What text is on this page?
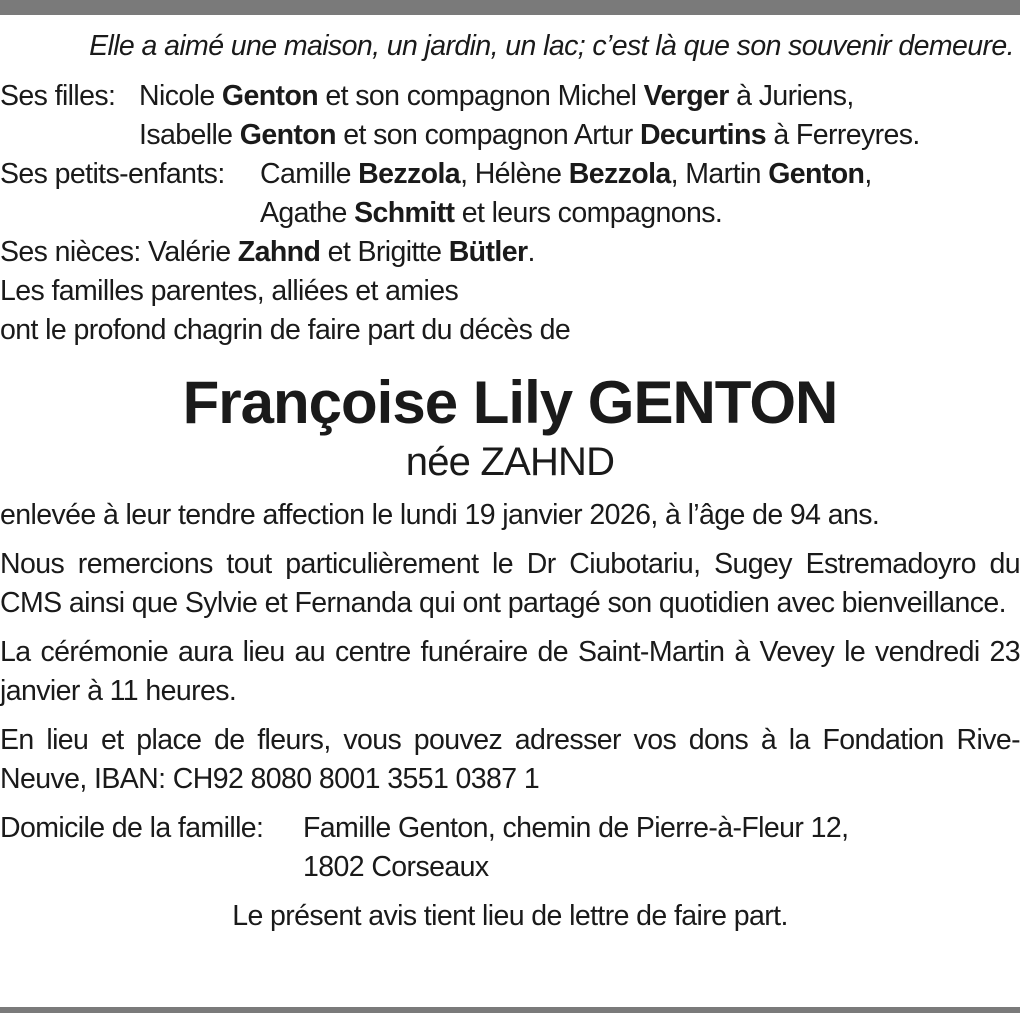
Elle a aimé une maison, un jardin, un lac; c’est là que son souvenir demeure.
Ses filles: Nicole Genton et son compagnon Michel Verger à Juriens,
Isabelle Genton et son compagnon Artur Decurtins à Ferreyres.
Ses petits-enfants: Camille Bezzola, Hélène Bezzola, Martin Genton,
Agathe Schmitt et leurs compagnons.
Ses nièces: Valérie Zahnd et Brigitte Bütler.
Les familles parentes, alliées et amies
ont le profond chagrin de faire part du décès de
Françoise Lily GENTON
née ZAHND
enlevée à leur tendre affection le lundi 19 janvier 2026, à l’âge de 94 ans.
Nous remercions tout particulièrement le Dr Ciubotariu, Sugey Estremadoyro du CMS ainsi que Sylvie et Fernanda qui ont partagé son quotidien avec bienveillance.
La cérémonie aura lieu au centre funéraire de Saint-Martin à Vevey le vendredi 23 janvier à 11 heures.
En lieu et place de fleurs, vous pouvez adresser vos dons à la Fondation Rive-Neuve, IBAN: CH92 8080 8001 3551 0387 1
Domicile de la famille:	Famille Genton, chemin de Pierre-à-Fleur 12,
1802 Corseaux
Le présent avis tient lieu de lettre de faire part.
